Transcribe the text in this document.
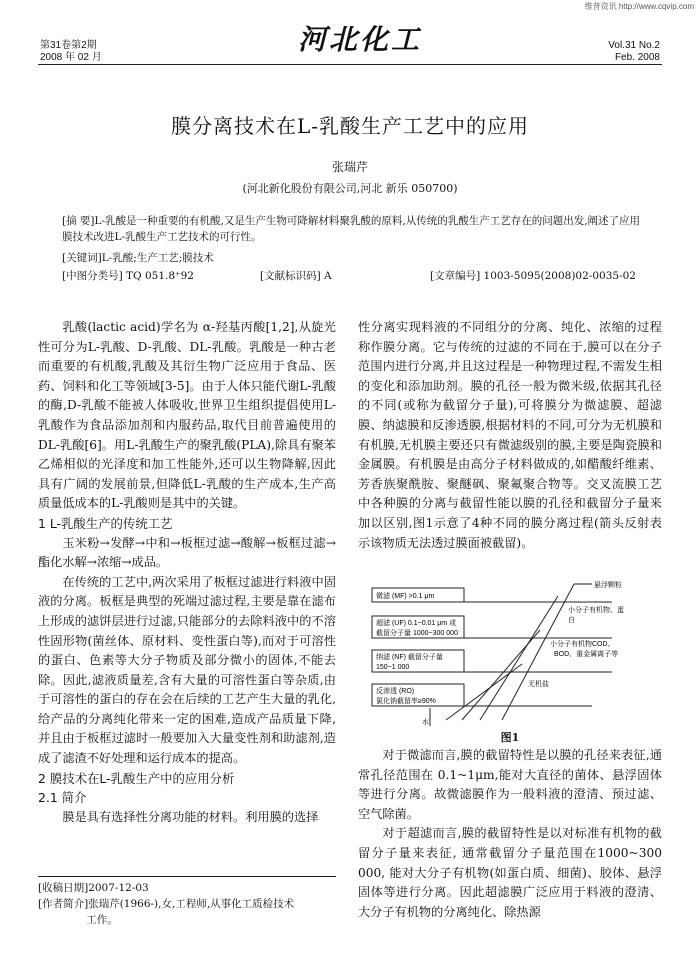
维普资讯 http://www.cqvip.com
第31卷第2期
2008 年 02 月
河北化工	Vol.31 No.2
Feb. 2008
膜分离技术在L-乳酸生产工艺中的应用
张瑞芹
(河北新化股份有限公司,河北 新乐 050700)
[摘 要]L-乳酸是一种重要的有机酸,又是生产生物可降解材料聚乳酸的原料,从传统的乳酸生产工艺存在的问题出发,阐述了应用膜技术改进L-乳酸生产工艺技术的可行性。
[关键词]L-乳酸;生产工艺;膜技术
[中图分类号] TQ 051.8⁺92	[文献标识码] A	[文章编号] 1003-5095(2008)02-0035-02

乳酸(lactic acid)学名为 α-羟基丙酸[1,2],从旋光性可分为L-乳酸、D-乳酸、DL-乳酸。乳酸是一种古老而重要的有机酸,乳酸及其衍生物广泛应用于食品、医药、饲料和化工等领域[3-5]。由于人体只能代谢L-乳酸的酶,D-乳酸不能被人体吸收,世界卫生组织提倡使用L-乳酸作为食品添加剂和内服药品,取代目前普遍使用的DL-乳酸[6]。用L-乳酸生产的聚乳酸(PLA),除具有聚苯乙烯相似的光泽度和加工性能外,还可以生物降解,因此具有广阔的发展前景,但降低L-乳酸的生产成本,生产高质量低成本的L-乳酸则是其中的关键。

1 L-乳酸生产的传统工艺

玉米粉→发酵→中和→板框过滤→酸解→板框过滤→酯化水解→浓缩→成品。

在传统的工艺中,两次采用了板框过滤进行料液中固液的分离。板框是典型的死端过滤过程,主要是靠在滤布上形成的滤饼层进行过滤,只能部分的去除料液中的不溶性固形物(菌丝体、原材料、变性蛋白等),而对于可溶性的蛋白、色素等大分子物质及部分微小的固体,不能去除。因此,滤液质量差,含有大量的可溶性蛋白等杂质,由于可溶性的蛋白的存在会在后续的工艺产生大量的乳化,给产品的分离纯化带来一定的困难,造成产品质量下降,并且由于板框过滤时一般要加入大量变性剂和助滤剂,造成了滤渣不好处理和运行成本的提高。

2 膜技术在L-乳酸生产中的应用分析
2.1 简介

膜是具有选择性分离功能的材料。利用膜的选择

性分离实现料液的不同组分的分离、纯化、浓缩的过程称作膜分离。它与传统的过滤的不同在于,膜可以在分子范围内进行分离,并且这过程是一种物理过程,不需发生相的变化和添加助剂。膜的孔径一般为微米级,依据其孔径的不同(或称为截留分子量),可将膜分为微滤膜、超滤膜、纳滤膜和反渗透膜,根据材料的不同,可分为无机膜和有机膜,无机膜主要还只有微滤级别的膜,主要是陶瓷膜和金属膜。有机膜是由高分子材料做成的,如醋酸纤维素、芳香族聚酰胺、聚醚砜、聚氟聚合物等。交叉流膜工艺中各种膜的分离与截留性能以膜的孔径和截留分子量来加以区别,图1示意了4种不同的膜分离过程(箭头反射表示该物质无法透过膜面被截留)。

微滤 (MF) >0.1 μm
超滤 (UF) 0.1~0.01 μm 或
截留分子量 1000~300 000
纳滤 (NF) 截留分子量
150~1 000
反渗透 (RO)
氯化钠截留率≥90%
悬浮颗粒
小分子有机物、蛋
白
小分子有机物COD、
BOD、重金属离子等
无机盐
水
图1

对于微滤而言,膜的截留特性是以膜的孔径来表征,通常孔径范围在 0.1~1μm,能对大直径的菌体、悬浮固体等进行分离。故微滤膜作为一般料液的澄清、预过滤、空气除菌。

对于超滤而言,膜的截留特性是以对标准有机物的截留分子量来表征, 通常截留分子量范围在1000~300 000, 能对大分子有机物(如蛋白质、细菌)、胶体、悬浮固体等进行分离。因此超滤膜广泛应用于料液的澄清、大分子有机物的分离纯化、除热源

[收稿日期]2007-12-03
[作者简介]张瑞芹(1966-),女,工程师,从事化工质检技术
工作。
